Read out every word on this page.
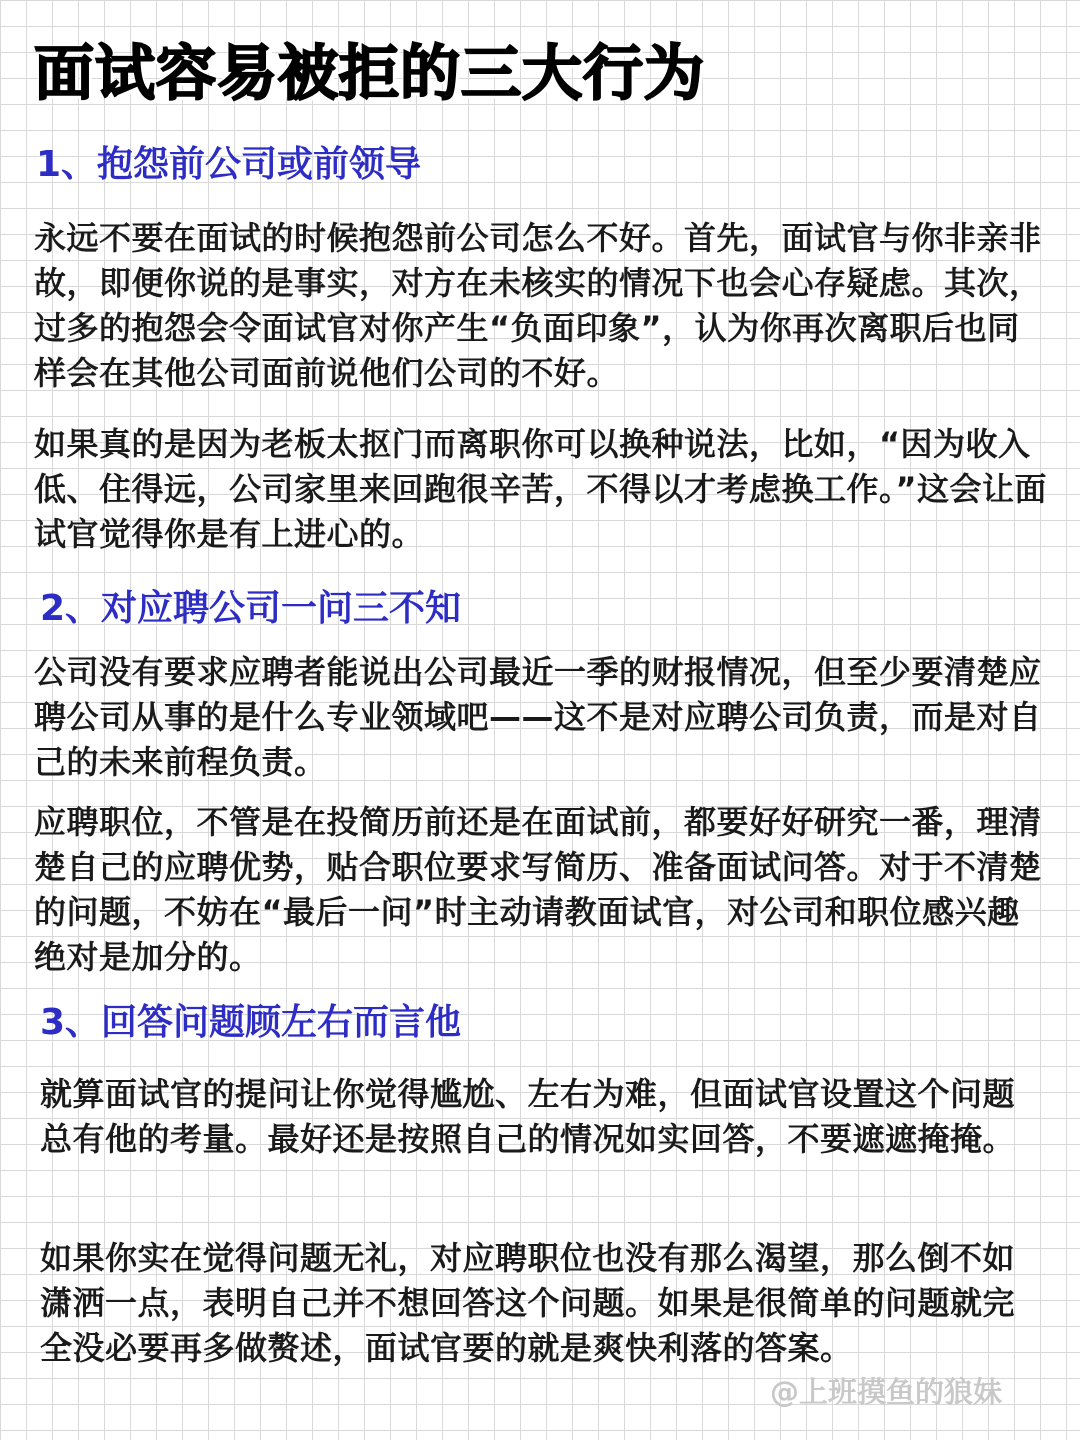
面试容易被拒的三大行为
1、抱怨前公司或前领导

永远不要在面试的时候抱怨前公司怎么不好。首先，面试官与你非亲非故，即便你说的是事实，对方在未核实的情况下也会心存疑虑。其次，过多的抱怨会令面试官对你产生“负面印象”，认为你再次离职后也同样会在其他公司面前说他们公司的不好。

如果真的是因为老板太抠门而离职你可以换种说法，比如，“因为收入低、住得远，公司家里来回跑很辛苦，不得以才考虑换工作。”这会让面试官觉得你是有上进心的。

2、对应聘公司一问三不知

公司没有要求应聘者能说出公司最近一季的财报情况，但至少要清楚应聘公司从事的是什么专业领域吧——这不是对应聘公司负责，而是对自己的未来前程负责。

应聘职位，不管是在投简历前还是在面试前，都要好好研究一番，理清楚自己的应聘优势，贴合职位要求写简历、准备面试问答。对于不清楚的问题，不妨在“最后一问”时主动请教面试官，对公司和职位感兴趣绝对是加分的。

3、回答问题顾左右而言他

就算面试官的提问让你觉得尴尬、左右为难，但面试官设置这个问题总有他的考量。最好还是按照自己的情况如实回答，不要遮遮掩掩。

如果你实在觉得问题无礼，对应聘职位也没有那么渴望，那么倒不如潇洒一点，表明自己并不想回答这个问题。如果是很简单的问题就完全没必要再多做赘述，面试官要的就是爽快利落的答案。

@上班摸鱼的狼妹
